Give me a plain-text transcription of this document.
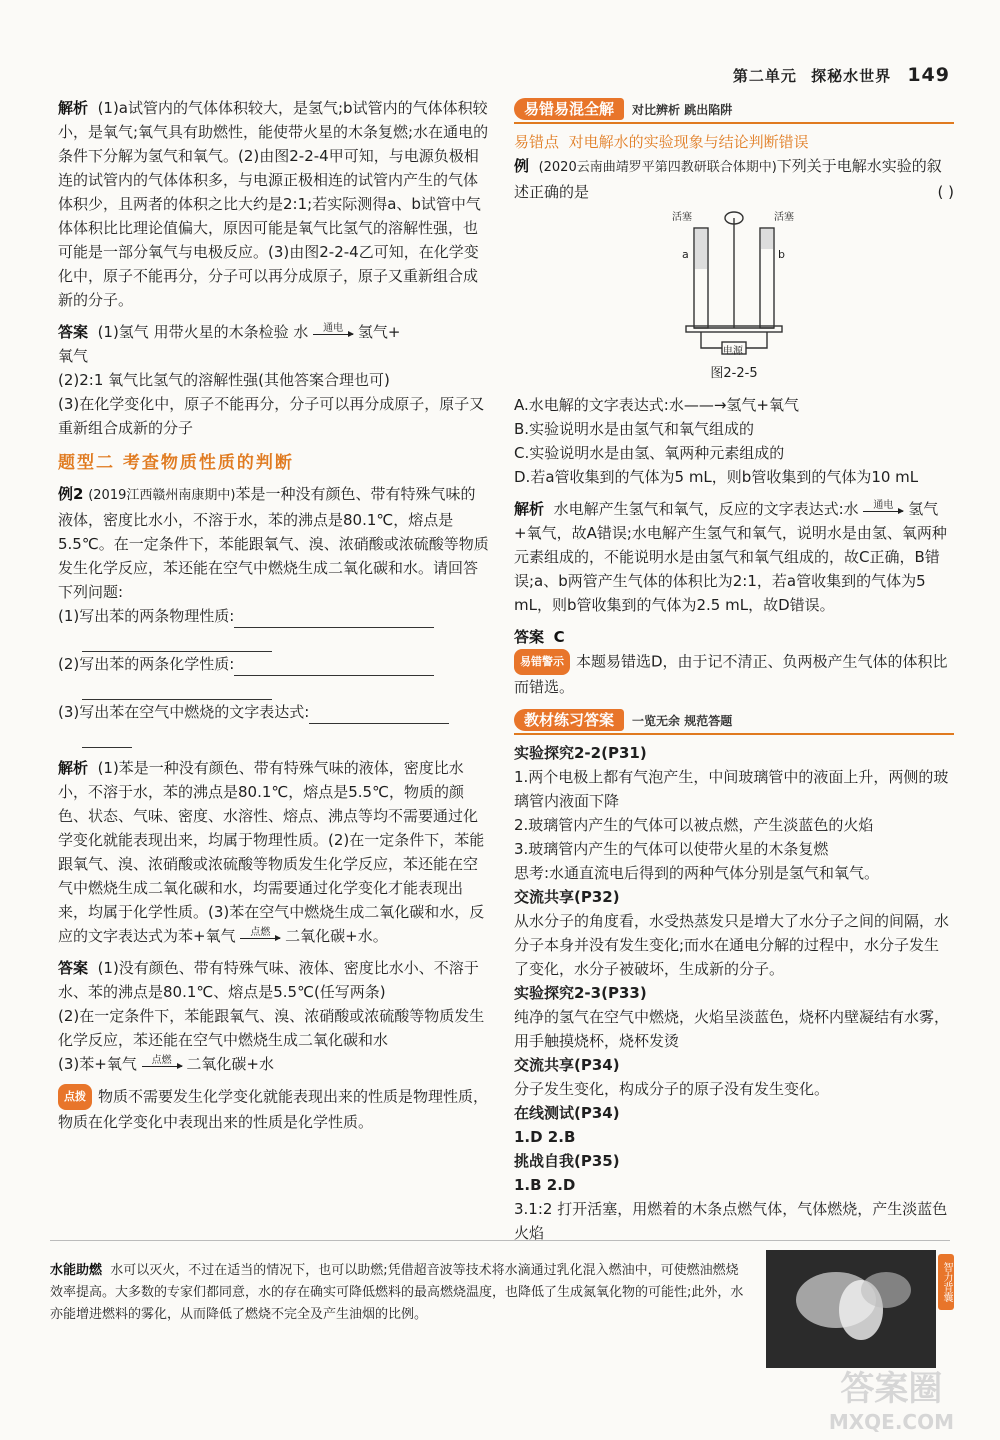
第二单元 探秘水世界 149

解析 (1)a试管内的气体体积较大，是氢气;b试管内的气体体积较小，是氧气;氧气具有助燃性，能使带火星的木条复燃;水在通电的条件下分解为氢气和氧气。(2)由图2-2-4甲可知，与电源负极相连的试管内的气体体积多，与电源正极相连的试管内产生的气体体积少，且两者的体积之比大约是2:1;若实际测得a、b试管中气体体积比比理论值偏大，原因可能是氧气比氢气的溶解性强，也可能是一部分氧气与电极反应。(3)由图2-2-4乙可知，在化学变化中，原子不能再分，分子可以再分成原子，原子又重新组合成新的分子。

答案 (1)氢气 用带火星的木条检验 水	通电 氢气+

氧气

(2)2:1 氧气比氢气的溶解性强(其他答案合理也可)

(3)在化学变化中，原子不能再分，分子可以再分成原子，原子又重新组合成新的分子

题型二 考查物质性质的判断

例2 (2019江西赣州南康期中)苯是一种没有颜色、带有特殊气味的液体，密度比水小，不溶于水，苯的沸点是80.1℃，熔点是5.5℃。在一定条件下，苯能跟氧气、溴、浓硝酸或浓硫酸等物质发生化学反应，苯还能在空气中燃烧生成二氧化碳和水。请回答下列问题:

(1)写出苯的两条物理性质:

(2)写出苯的两条化学性质:

(3)写出苯在空气中燃烧的文字表达式:

解析 (1)苯是一种没有颜色、带有特殊气味的液体，密度比水小，不溶于水，苯的沸点是80.1℃，熔点是5.5℃，物质的颜色、状态、气味、密度、水溶性、熔点、沸点等均不需要通过化学变化就能表现出来，均属于物理性质。(2)在一定条件下，苯能跟氧气、溴、浓硝酸或浓硫酸等物质发生化学反应，苯还能在空气中燃烧生成二氧化碳和水，均需要通过化学变化才能表现出来，均属于化学性质。(3)苯在空气中燃烧生成二氧化碳和水，反应的文字表达式为苯+氧气	点燃 二氧化碳+水。

答案 (1)没有颜色、带有特殊气味、液体、密度比水小、不溶于水、苯的沸点是80.1℃、熔点是5.5℃(任写两条)

(2)在一定条件下，苯能跟氧气、溴、浓硝酸或浓硫酸等物质发生化学反应，苯还能在空气中燃烧生成二氧化碳和水

(3)苯+氧气	点燃 二氧化碳+水

点拨 物质不需要发生化学变化就能表现出来的性质是物理性质，物质在化学变化中表现出来的性质是化学性质。

易错易混全解	对比辨析 跳出陷阱

易错点 对电解水的实验现象与结论判断错误

例 (2020云南曲靖罗平第四教研联合体期中)下列关于电解水实验的叙述正确的是	( )

活塞	活塞
a	b
电源
图2-2-5

A.水电解的文字表达式:水——→氢气+氧气

B.实验说明水是由氢气和氧气组成的

C.实验说明水是由氢、氧两种元素组成的

D.若a管收集到的气体为5 mL，则b管收集到的气体为10 mL

解析 水电解产生氢气和氧气，反应的文字表达式:水	通电 氢气+氧气，故A错误;水电解产生氢气和氧气，说明水是由氢、氧两种元素组成的，不能说明水是由氢气和氧气组成的，故C正确，B错误;a、b两管产生气体的体积比为2:1，若a管收集到的气体为5 mL，则b管收集到的气体为2.5 mL，故D错误。

答案 C

易错警示 本题易错选D，由于记不清正、负两极产生气体的体积比而错选。

教材练习答案	一览无余 规范答题

实验探究2-2(P31)

1.两个电极上都有气泡产生，中间玻璃管中的液面上升，两侧的玻璃管内液面下降

2.玻璃管内产生的气体可以被点燃，产生淡蓝色的火焰

3.玻璃管内产生的气体可以使带火星的木条复燃

思考:水通直流电后得到的两种气体分别是氢气和氧气。

交流共享(P32)

从水分子的角度看，水受热蒸发只是增大了水分子之间的间隔，水分子本身并没有发生变化;而水在通电分解的过程中，水分子发生了变化，水分子被破坏，生成新的分子。

实验探究2-3(P33)

纯净的氢气在空气中燃烧，火焰呈淡蓝色，烧杯内壁凝结有水雾，用手触摸烧杯，烧杯发烫

交流共享(P34)

分子发生变化，构成分子的原子没有发生变化。

在线测试(P34)

1.D 2.B

挑战自我(P35)

1.B 2.D

3.1:2 打开活塞，用燃着的木条点燃气体，气体燃烧，产生淡蓝色火焰

水能助燃 水可以灭火，不过在适当的情况下，也可以助燃;凭借超音波等技术将水滴通过乳化混入燃油中，可使燃油燃烧效率提高。大多数的专家们都同意，水的存在确实可降低燃料的最高燃烧温度，也降低了生成氮氧化物的可能性;此外，水亦能增进燃料的雾化，从而降低了燃烧不完全及产生油烟的比例。
智力背囊
答案圈
MXQE.COM
